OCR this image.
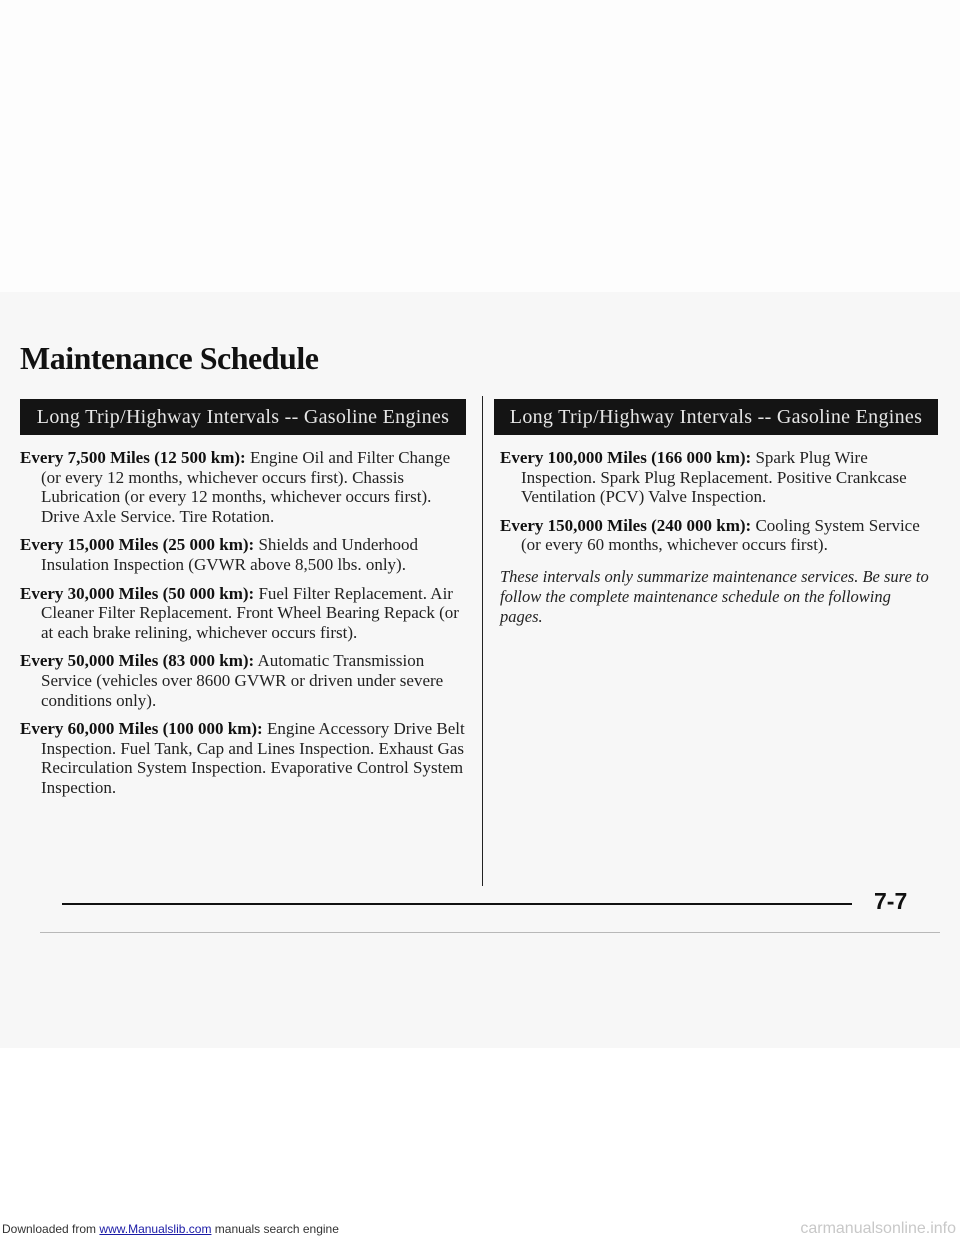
Maintenance Schedule
Long Trip/Highway Intervals -- Gasoline Engines	Long Trip/Highway Intervals -- Gasoline Engines

Every 7,500 Miles (12 500 km): Engine Oil and Filter Change (or every 12 months, whichever occurs first). Chassis Lubrication (or every 12 months, whichever occurs first). Drive Axle Service. Tire Rotation.

Every 15,000 Miles (25 000 km): Shields and Underhood Insulation Inspection (GVWR above 8,500 lbs. only).

Every 30,000 Miles (50 000 km): Fuel Filter Replacement. Air Cleaner Filter Replacement. Front Wheel Bearing Repack (or at each brake relining, whichever occurs first).

Every 50,000 Miles (83 000 km): Automatic Transmission Service (vehicles over 8600 GVWR or driven under severe conditions only).

Every 60,000 Miles (100 000 km): Engine Accessory Drive Belt Inspection. Fuel Tank, Cap and Lines Inspection. Exhaust Gas Recirculation System Inspection. Evaporative Control System Inspection.

Every 100,000 Miles (166 000 km): Spark Plug Wire Inspection. Spark Plug Replacement. Positive Crankcase Ventilation (PCV) Valve Inspection.

Every 150,000 Miles (240 000 km): Cooling System Service (or every 60 months, whichever occurs first).

These intervals only summarize maintenance services. Be sure to follow the complete maintenance schedule on the following pages.

7-7
Downloaded from www.Manualslib.com manuals search engine	carmanualsonline.info
